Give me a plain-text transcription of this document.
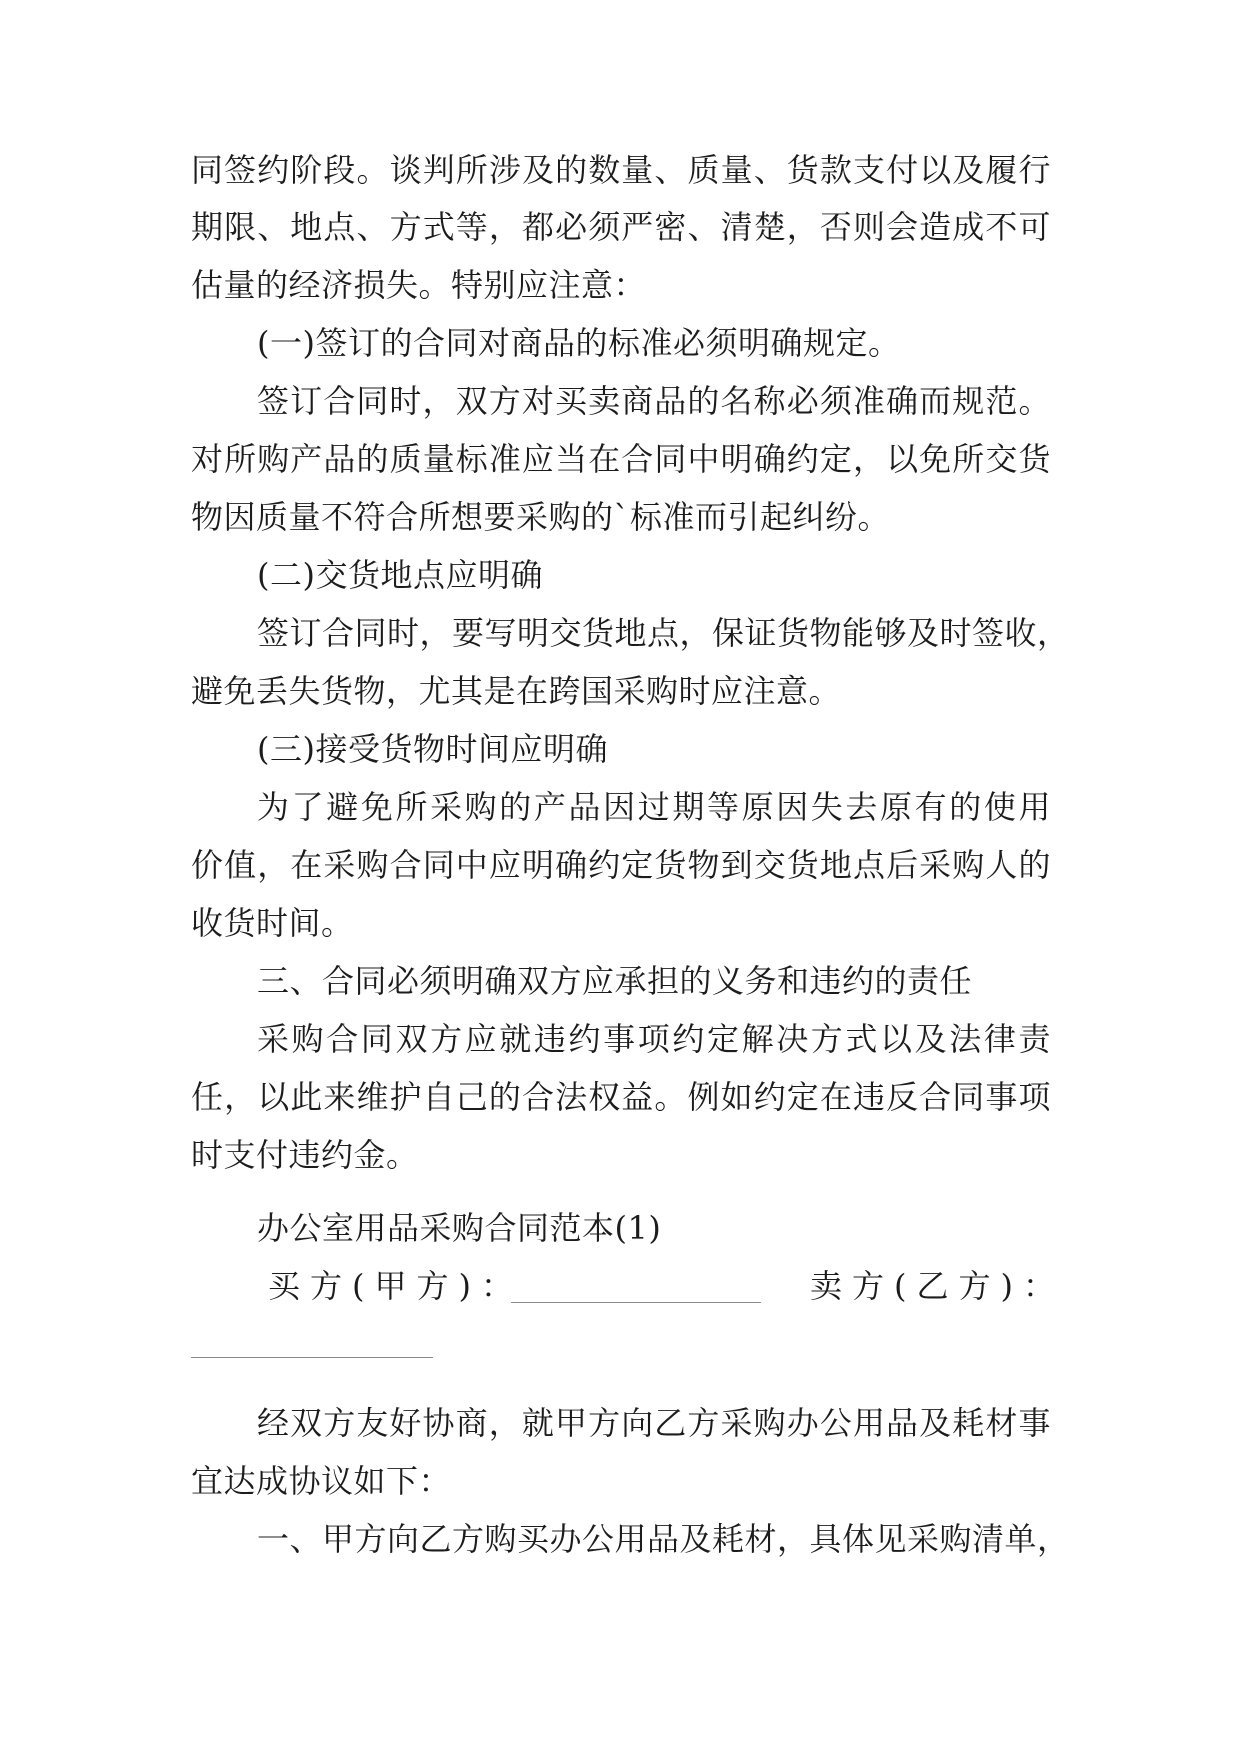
同签约阶段。谈判所涉及的数量、质量、货款支付以及履行
期限、地点、方式等，都必须严密、清楚，否则会造成不可
估量的经济损失。特别应注意：
(一)签订的合同对商品的标准必须明确规定。
签订合同时，双方对买卖商品的名称必须准确而规范。
对所购产品的质量标准应当在合同中明确约定，以免所交货
物因质量不符合所想要采购的`标准而引起纠纷。
(二)交货地点应明确
签订合同时，要写明交货地点，保证货物能够及时签收，
避免丢失货物，尤其是在跨国采购时应注意。
(三)接受货物时间应明确
为了避免所采购的产品因过期等原因失去原有的使用
价值，在采购合同中应明确约定货物到交货地点后采购人的
收货时间。
三、合同必须明确双方应承担的义务和违约的责任
采购合同双方应就违约事项约定解决方式以及法律责
任，以此来维护自己的合法权益。例如约定在违反合同事项
时支付违约金。
办公室用品采购合同范本(1)
买方(甲方)：	卖方(乙方)：
经双方友好协商，就甲方向乙方采购办公用品及耗材事
宜达成协议如下：
一、甲方向乙方购买办公用品及耗材，具体见采购清单，
